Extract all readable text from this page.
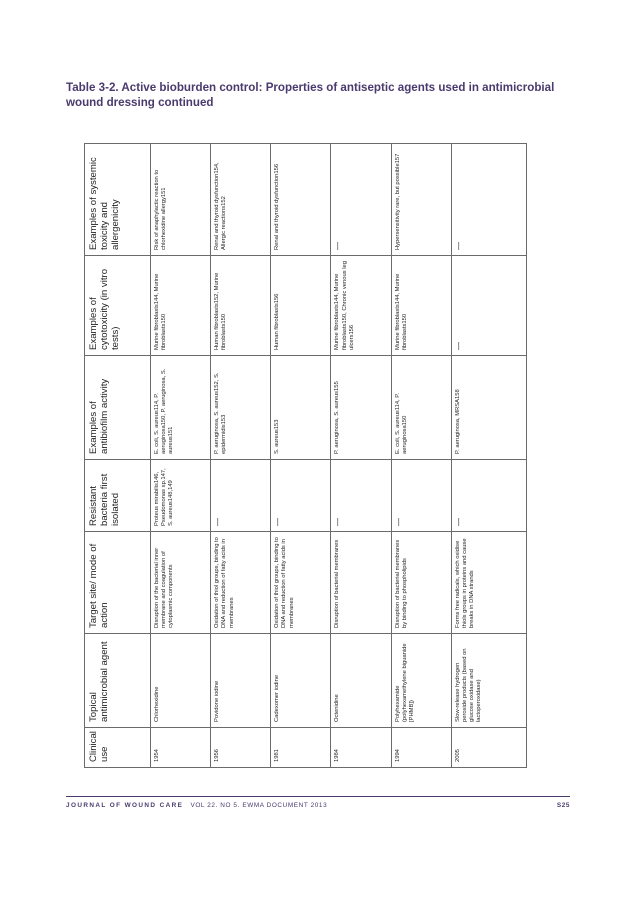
Table 3-2. Active bioburden control: Properties of antiseptic agents used in antimicrobial wound dressing continued
Clinical use	Topical antimicrobial agent	Target site/ mode of action	Resistant bacteria first isolated	Examples of antibiofilm activity	Examples of cytotoxicity (in vitro tests)	Examples of systemic toxicity and allergenicity
1954	Chlorhexidine	Disruption of the bacterial inner membrane and coagulation of cytoplasmic components	Proteus mirabilis146, Pseudomonas sp.147, S. aureus148,149	E. coli, S. aureus114, P. aeruginosa150, P. aeruginosa, S. aureus151	Murine fibroblasts144, Murine fibroblasts150	Risk of anaphylactic reaction to chlorhexidine allergy151
1956	Povidone iodine	Oxidation of thiol groups, binding to DNA and reduction of fatty acids in membranes	—	P. aeruginosa, S. aureus152, S. epidermidis153	Human fibroblasts152, Murine fibroblasts150	Renal and thyroid dysfunction154, Allergic reactions152
1981	Cadexomer iodine	Oxidation of thiol groups, binding to DNA and reduction of fatty acids in membranes	—	S. aureus153	Human fibroblasts156	Renal and thyroid dysfunction156
1984	Octenidine	Disruption of bacterial membranes	—	P. aeruginosa, S. aureus155	Murine fibroblasts144, Murine fibroblasts150, Chronic venous leg ulcers156	—
1994	Polyhexamide (polyhexamethylene biguanide [PHMB])	Disruption of bacterial membranes by binding to phospholipids	—	E. coli, S. aureus114, P. aeruginosa150	Murine fibroblasts144, Murine fibroblasts150	Hypersensitivity rare, but possible157
2005	Slow-release hydrogen peroxide products (based on glucose oxidase and lactoperoxidase)	Forms free radicals, which oxidise thiols groups in proteins and cause breaks in DNA strands	—	P. aeruginosa, MRSA158	—	—
JOURNAL OF WOUND CARE VOL 22. NO 5. EWMA DOCUMENT 2013	S25
